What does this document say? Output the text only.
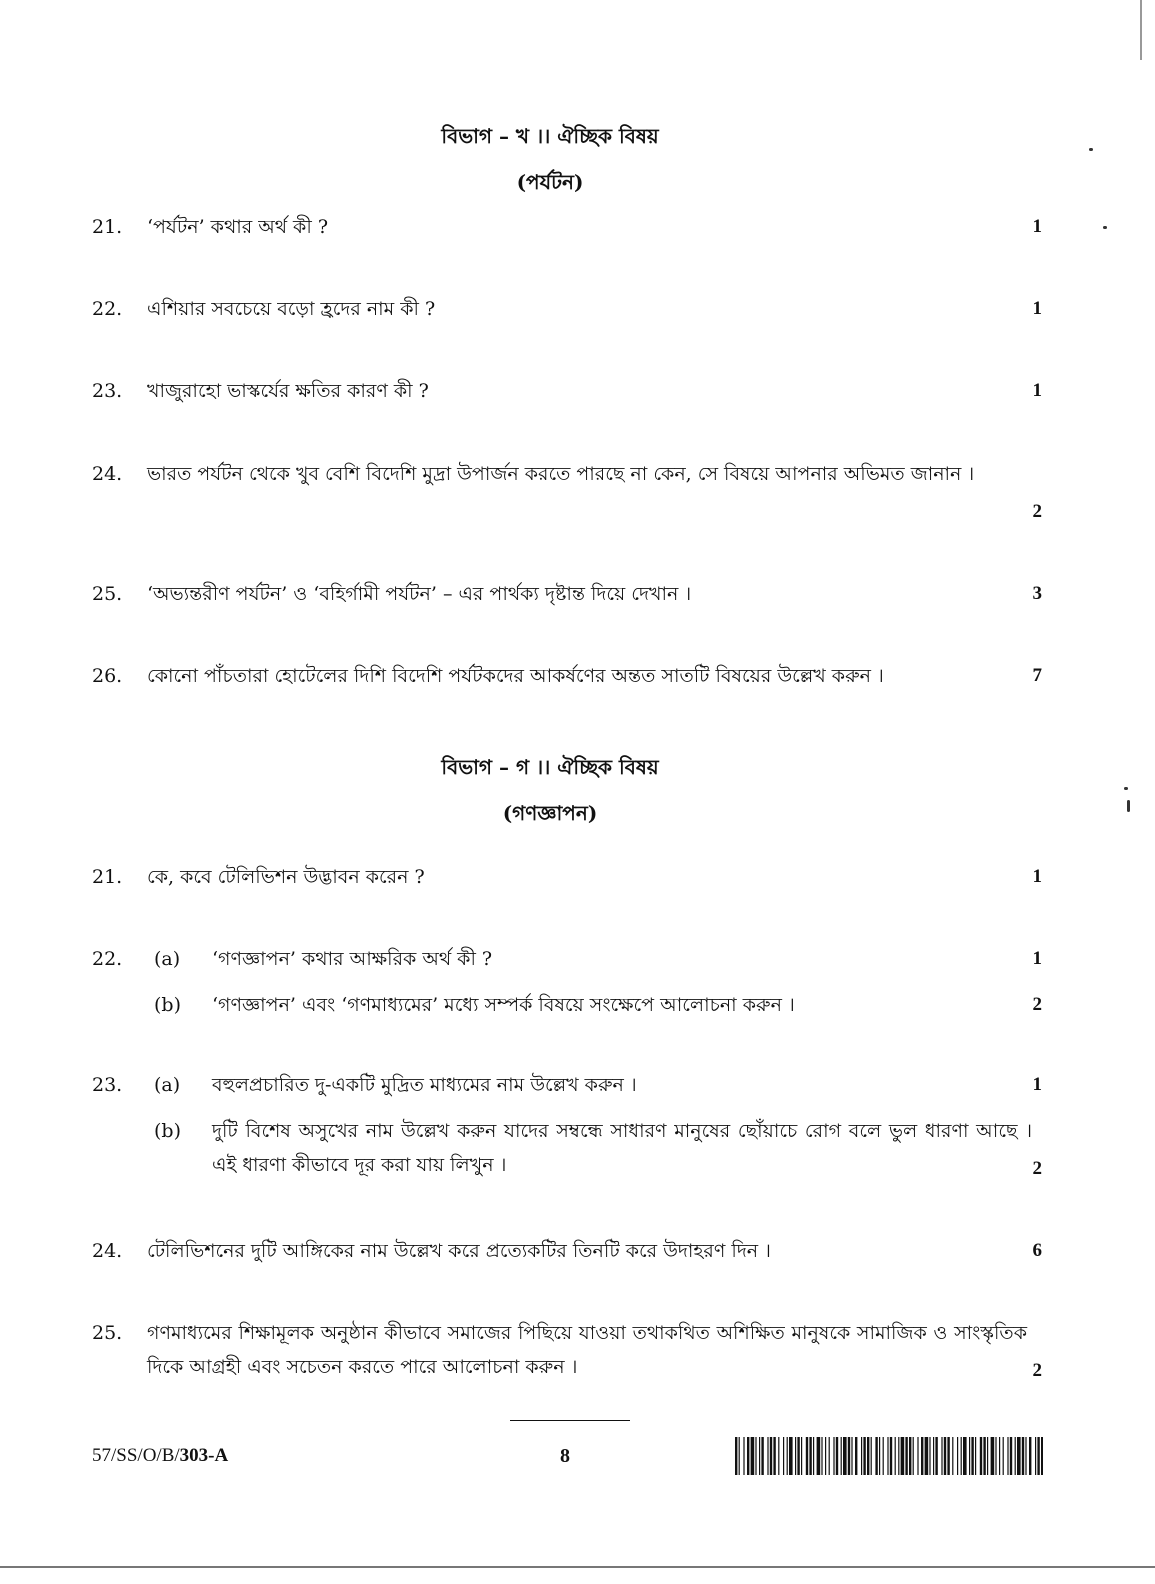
বিভাগ – খ ।। ঐচ্ছিক বিষয়
(পর্যটন)
21.	‘পর্যটন’ কথার অর্থ কী ?	1
22.	এশিয়ার সবচেয়ে বড়ো হ্রদের নাম কী ?	1
23.	খাজুরাহো ভাস্কর্যের ক্ষতির কারণ কী ?	1
24.	ভারত পর্যটন থেকে খুব বেশি বিদেশি মুদ্রা উপার্জন করতে পারছে না কেন, সে বিষয়ে আপনার অভিমত জানান ।
2
25.	‘অভ্যন্তরীণ পর্যটন’ ও ‘বহির্গামী পর্যটন’ – এর পার্থক্য দৃষ্টান্ত দিয়ে দেখান ।	3
26.	কোনো পাঁচতারা হোটেলের দিশি বিদেশি পর্যটকদের আকর্ষণের অন্তত সাতটি বিষয়ের উল্লেখ করুন ।	7
বিভাগ – গ ।। ঐচ্ছিক বিষয়
(গণজ্ঞাপন)
21.	কে, কবে টেলিভিশন উদ্ভাবন করেন ?	1
22.	(a)	‘গণজ্ঞাপন’ কথার আক্ষরিক অর্থ কী ?	1
(b)	‘গণজ্ঞাপন’ এবং ‘গণমাধ্যমের’ মধ্যে সম্পর্ক বিষয়ে সংক্ষেপে আলোচনা করুন ।	2
23.	(a)	বহুলপ্রচারিত দু-একটি মুদ্রিত মাধ্যমের নাম উল্লেখ করুন ।	1
(b)	দুটি বিশেষ অসুখের নাম উল্লেখ করুন যাদের সম্বন্ধে সাধারণ মানুষের ছোঁয়াচে রোগ বলে ভুল ধারণা আছে । এই ধারণা কীভাবে দূর করা যায় লিখুন ।	2
24.	টেলিভিশনের দুটি আঙ্গিকের নাম উল্লেখ করে প্রত্যেকটির তিনটি করে উদাহরণ দিন ।	6
25.	গণমাধ্যমের শিক্ষামূলক অনুষ্ঠান কীভাবে সমাজের পিছিয়ে যাওয়া তথাকথিত অশিক্ষিত মানুষকে সামাজিক ও সাংস্কৃতিক দিকে আগ্রহী এবং সচেতন করতে পারে আলোচনা করুন ।	2
57/SS/O/B/303-A	8
